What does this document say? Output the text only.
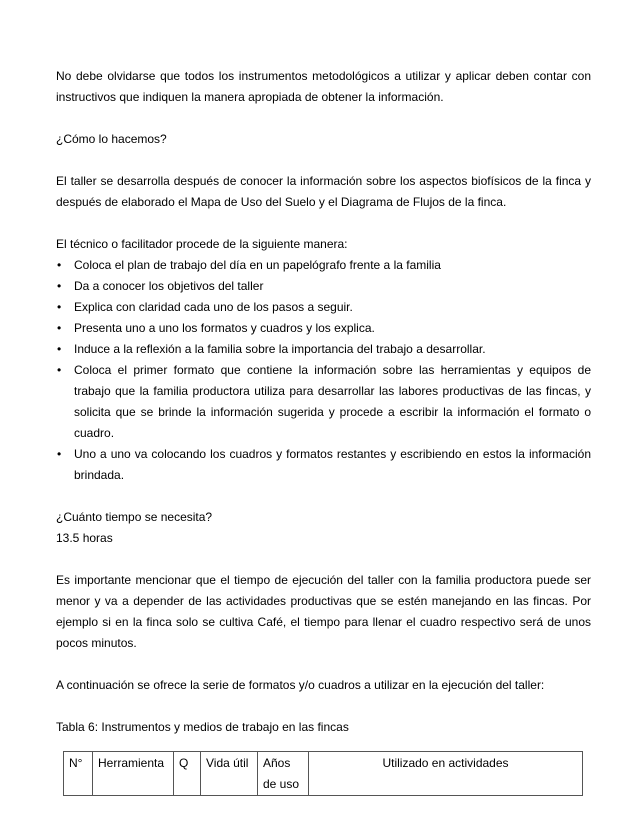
No debe olvidarse que todos los instrumentos metodológicos a utilizar y aplicar deben contar con instructivos que indiquen la manera apropiada de obtener la información.

¿Cómo lo hacemos?

El taller se desarrolla después de conocer la información sobre los aspectos biofísicos de la finca y después de elaborado el Mapa de Uso del Suelo y el Diagrama de Flujos de la finca.

El técnico o facilitador procede de la siguiente manera:

• Coloca el plan de trabajo del día en un papelógrafo frente a la familia
• Da a conocer los objetivos del taller
• Explica con claridad cada uno de los pasos a seguir.
• Presenta uno a uno los formatos y cuadros y los explica.
• Induce a la reflexión a la familia sobre la importancia del trabajo a desarrollar.
• Coloca el primer formato que contiene la información sobre las herramientas y equipos de trabajo que la familia productora utiliza para desarrollar las labores productivas de las fincas, y solicita que se brinde la información sugerida y procede a escribir la información el formato o cuadro.
• Uno a uno va colocando los cuadros y formatos restantes y escribiendo en estos la información brindada.

¿Cuánto tiempo se necesita?

13.5 horas

Es importante mencionar que el tiempo de ejecución del taller con la familia productora puede ser menor y va a depender de las actividades productivas que se estén manejando en las fincas. Por ejemplo si en la finca solo se cultiva Café, el tiempo para llenar el cuadro respectivo será de unos pocos minutos.

A continuación se ofrece la serie de formatos y/o cuadros a utilizar en la ejecución del taller:

Tabla 6: Instrumentos y medios de trabajo en las fincas

N°	Herramienta	Q	Vida útil	Años de uso	Utilizado en actividades
